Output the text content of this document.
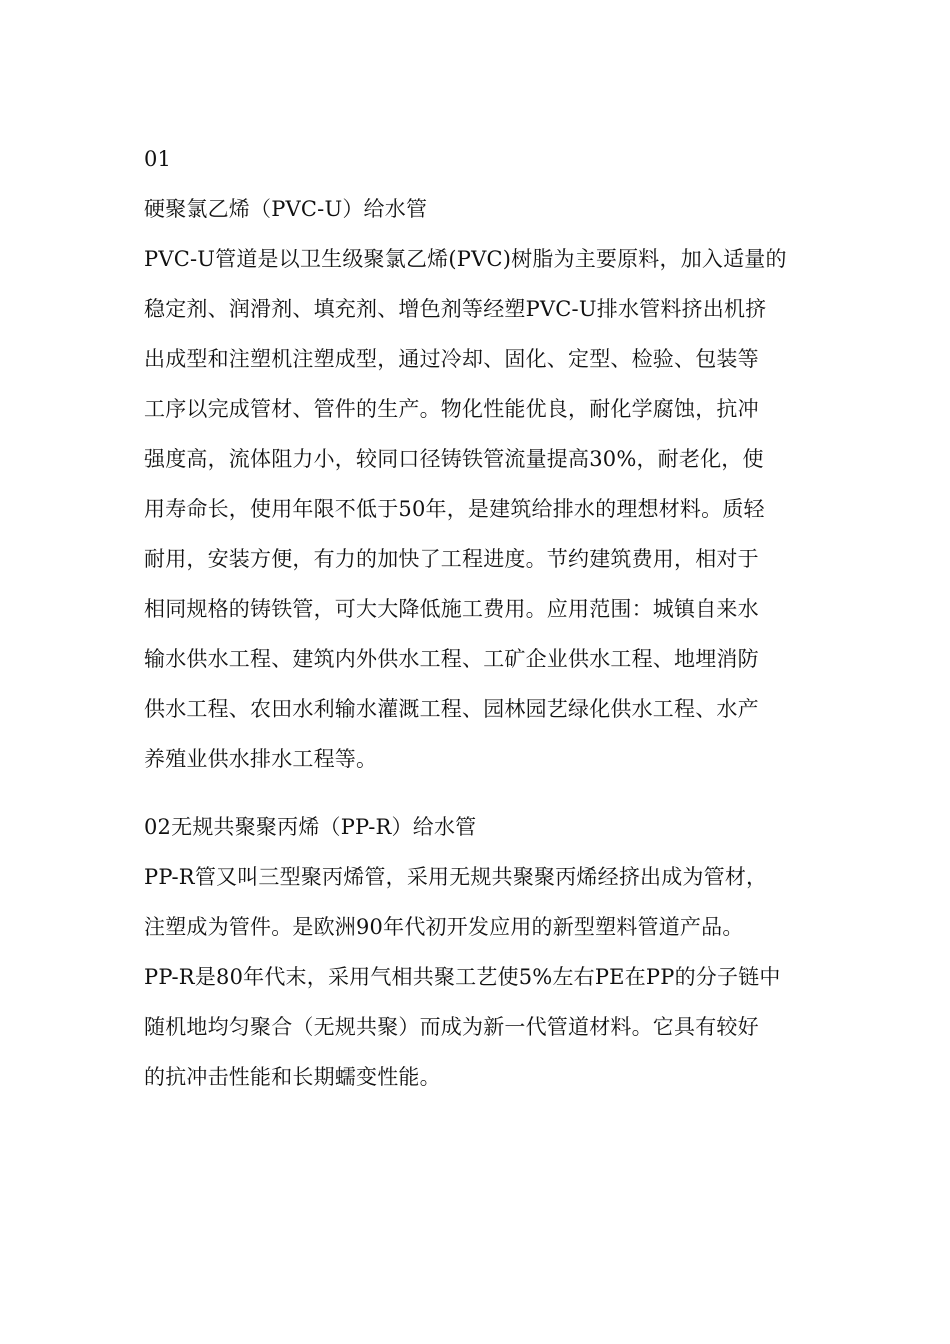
01
硬聚氯乙烯（PVC-U）给水管
PVC-U管道是以卫生级聚氯乙烯(PVC)树脂为主要原料，加入适量的
稳定剂、润滑剂、填充剂、增色剂等经塑PVC-U排水管料挤出机挤
出成型和注塑机注塑成型，通过冷却、固化、定型、检验、包装等
工序以完成管材、管件的生产。物化性能优良，耐化学腐蚀，抗冲
强度高，流体阻力小，较同口径铸铁管流量提高30%，耐老化，使
用寿命长，使用年限不低于50年，是建筑给排水的理想材料。质轻
耐用，安装方便，有力的加快了工程进度。节约建筑费用，相对于
相同规格的铸铁管，可大大降低施工费用。应用范围：城镇自来水
输水供水工程、建筑内外供水工程、工矿企业供水工程、地埋消防
供水工程、农田水利输水灌溉工程、园林园艺绿化供水工程、水产
养殖业供水排水工程等。
02无规共聚聚丙烯（PP-R）给水管
PP-R管又叫三型聚丙烯管，采用无规共聚聚丙烯经挤出成为管材，
注塑成为管件。是欧洲90年代初开发应用的新型塑料管道产品。
PP-R是80年代末，采用气相共聚工艺使5%左右PE在PP的分子链中
随机地均匀聚合（无规共聚）而成为新一代管道材料。它具有较好
的抗冲击性能和长期蠕变性能。
